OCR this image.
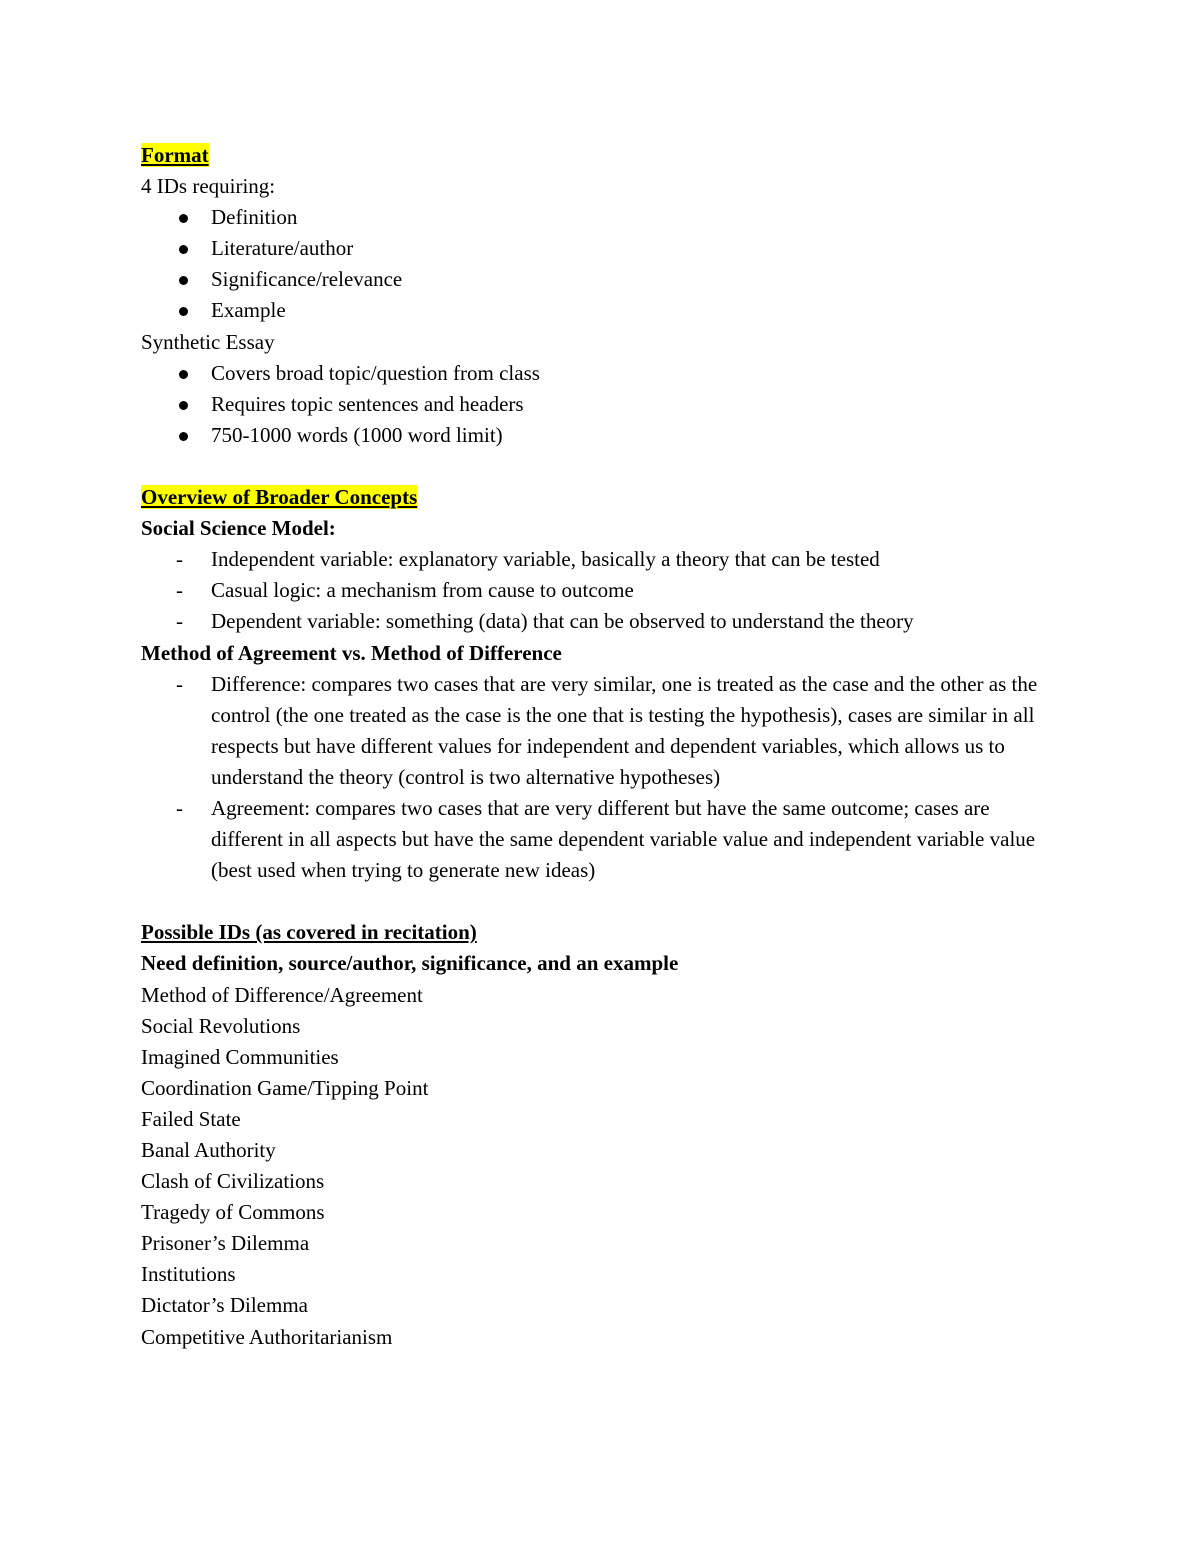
Format
4 IDs requiring:
Definition
Literature/author
Significance/relevance
Example
Synthetic Essay
Covers broad topic/question from class
Requires topic sentences and headers
750-1000 words (1000 word limit)
Overview of Broader Concepts
Social Science Model:
- Independent variable: explanatory variable, basically a theory that can be tested
- Casual logic: a mechanism from cause to outcome
- Dependent variable: something (data) that can be observed to understand the theory
Method of Agreement vs. Method of Difference
- Difference: compares two cases that are very similar, one is treated as the case and the other as the control (the one treated as the case is the one that is testing the hypothesis), cases are similar in all respects but have different values for independent and dependent variables, which allows us to understand the theory (control is two alternative hypotheses)
- Agreement: compares two cases that are very different but have the same outcome; cases are different in all aspects but have the same dependent variable value and independent variable value (best used when trying to generate new ideas)
Possible IDs (as covered in recitation)
Need definition, source/author, significance, and an example
Method of Difference/Agreement
Social Revolutions
Imagined Communities
Coordination Game/Tipping Point
Failed State
Banal Authority
Clash of Civilizations
Tragedy of Commons
Prisoner’s Dilemma
Institutions
Dictator’s Dilemma
Competitive Authoritarianism
